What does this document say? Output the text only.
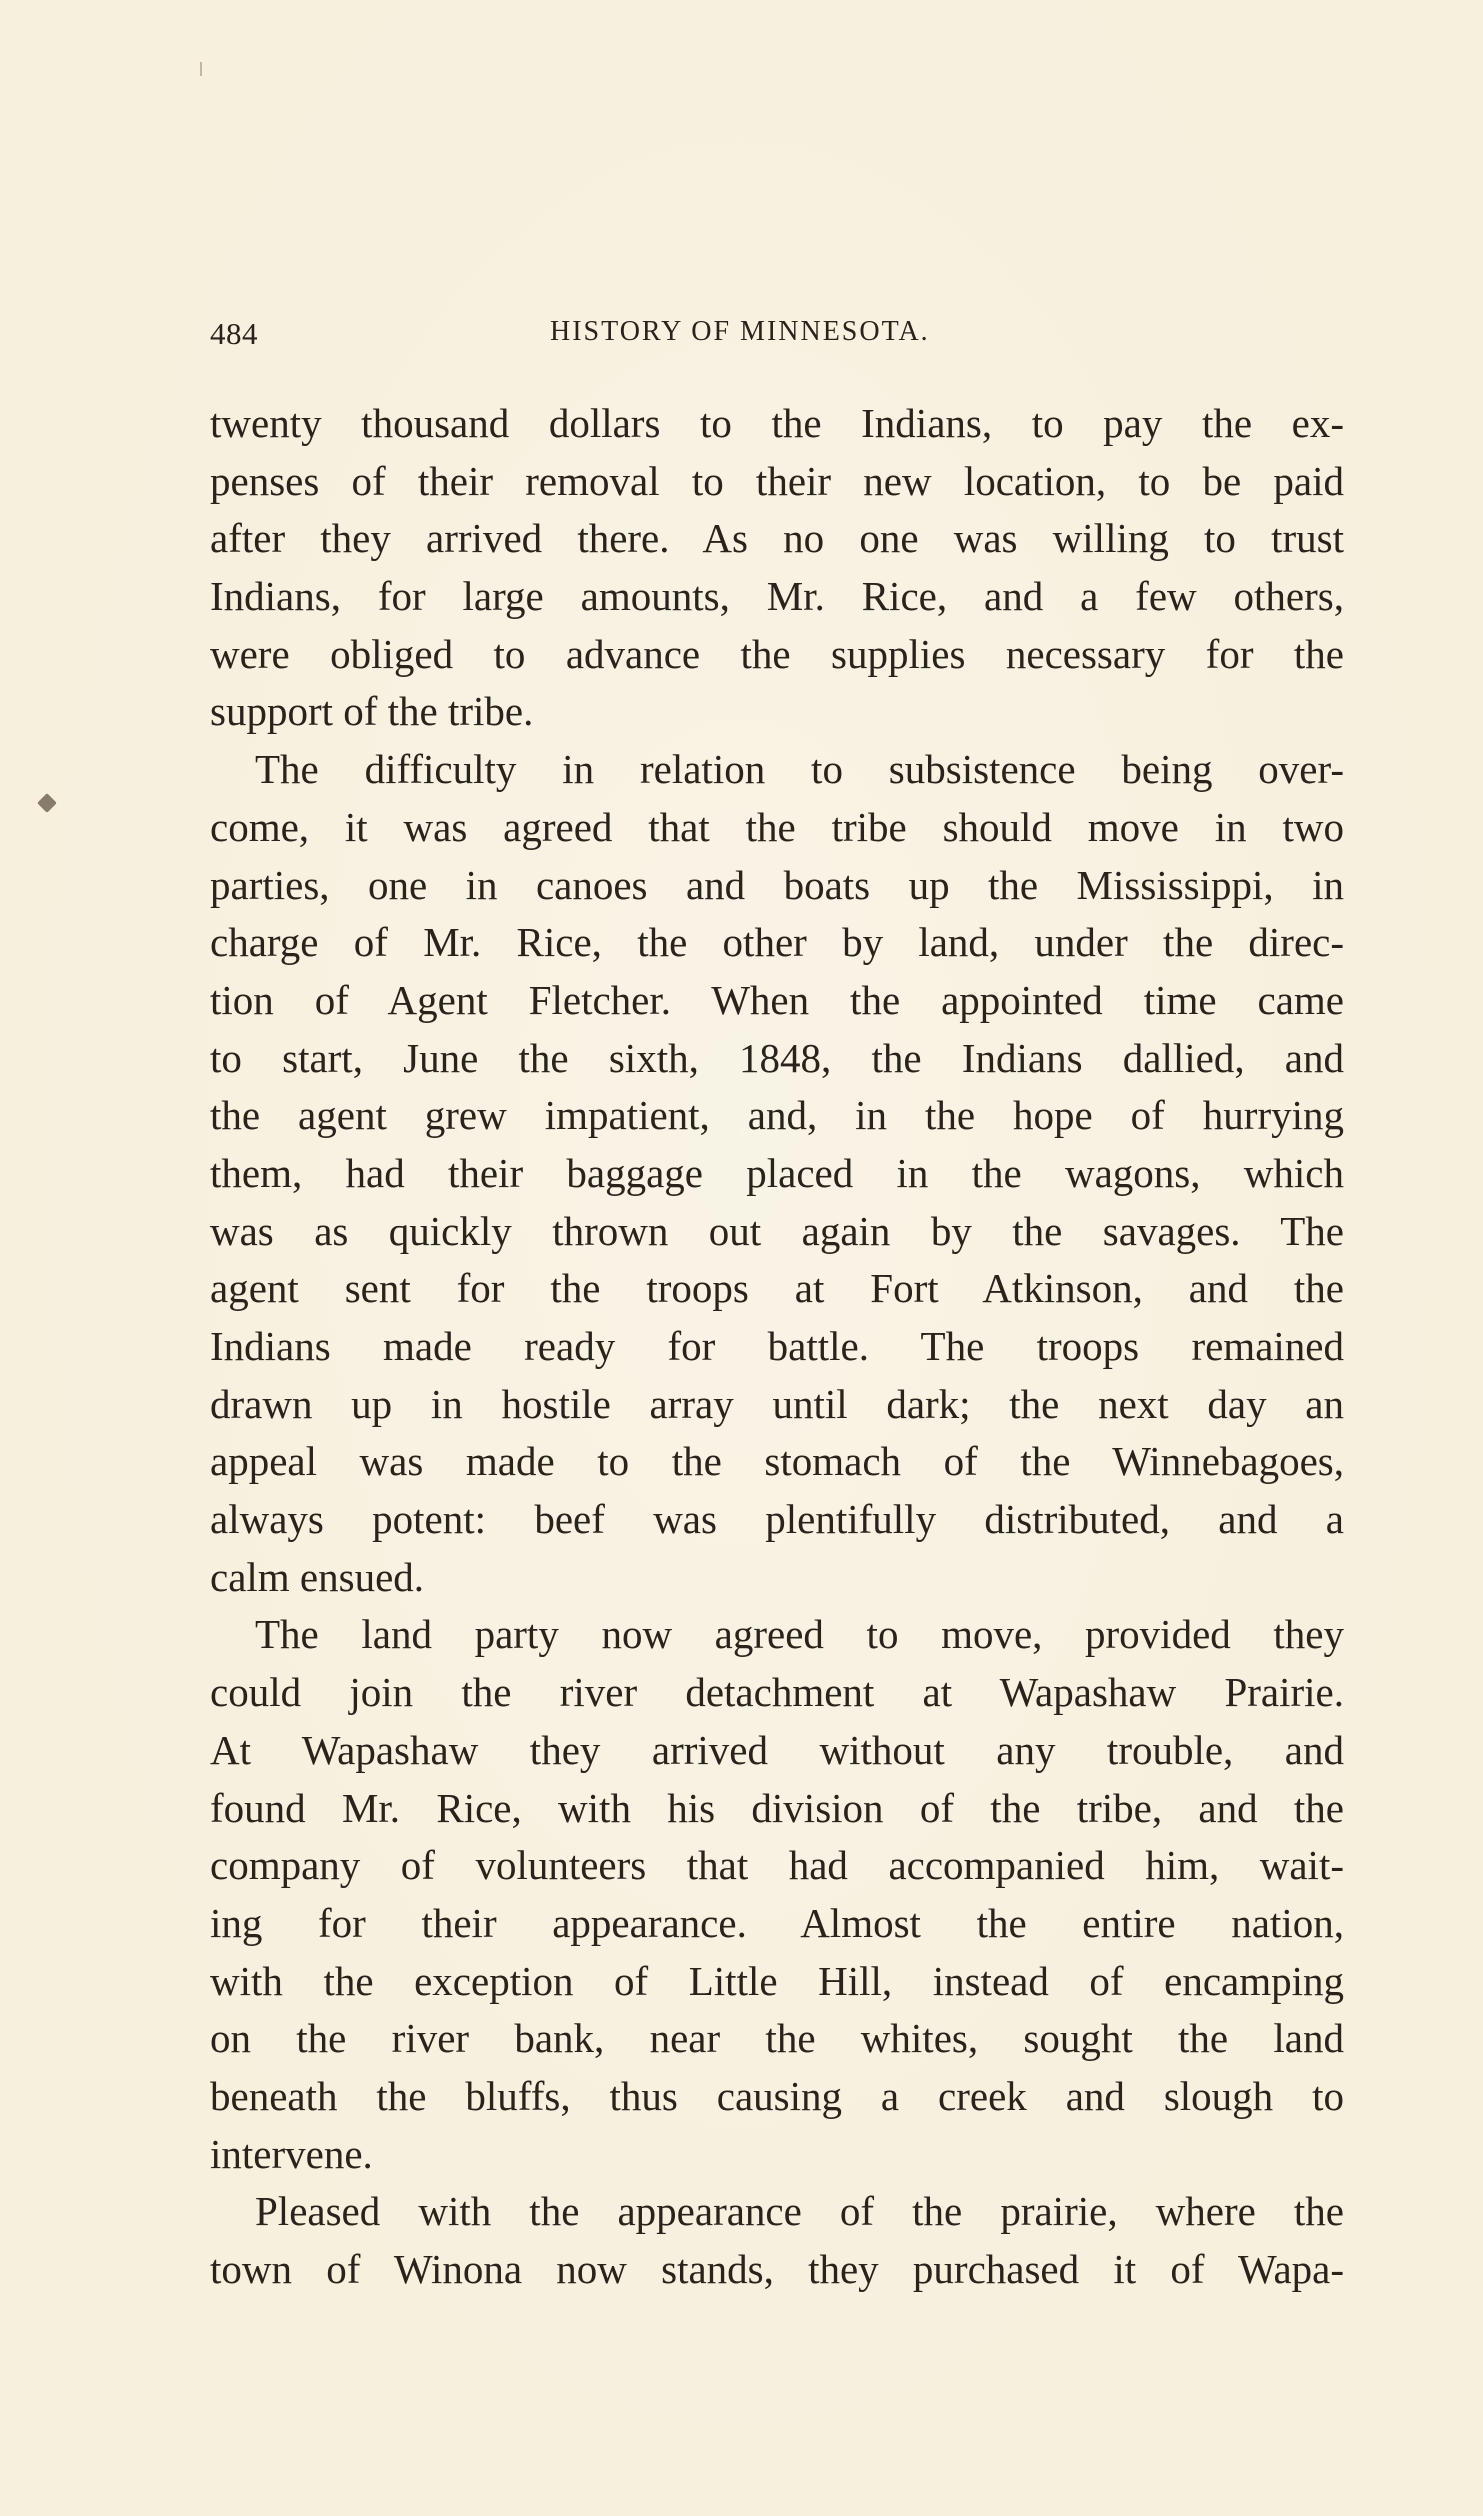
484	HISTORY OF MINNESOTA.
twenty thousand dollars to the Indians, to pay the ex-
penses of their removal to their new location, to be paid
after they arrived there. As no one was willing to trust
Indians, for large amounts, Mr. Rice, and a few others,
were obliged to advance the supplies necessary for the
support of the tribe.
The difficulty in relation to subsistence being over-
come, it was agreed that the tribe should move in two
parties, one in canoes and boats up the Mississippi, in
charge of Mr. Rice, the other by land, under the direc-
tion of Agent Fletcher. When the appointed time came
to start, June the sixth, 1848, the Indians dallied, and
the agent grew impatient, and, in the hope of hurrying
them, had their baggage placed in the wagons, which
was as quickly thrown out again by the savages. The
agent sent for the troops at Fort Atkinson, and the
Indians made ready for battle. The troops remained
drawn up in hostile array until dark; the next day an
appeal was made to the stomach of the Winnebagoes,
always potent: beef was plentifully distributed, and a
calm ensued.
The land party now agreed to move, provided they
could join the river detachment at Wapashaw Prairie.
At Wapashaw they arrived without any trouble, and
found Mr. Rice, with his division of the tribe, and the
company of volunteers that had accompanied him, wait-
ing for their appearance. Almost the entire nation,
with the exception of Little Hill, instead of encamping
on the river bank, near the whites, sought the land
beneath the bluffs, thus causing a creek and slough to
intervene.
Pleased with the appearance of the prairie, where the
town of Winona now stands, they purchased it of Wapa-
